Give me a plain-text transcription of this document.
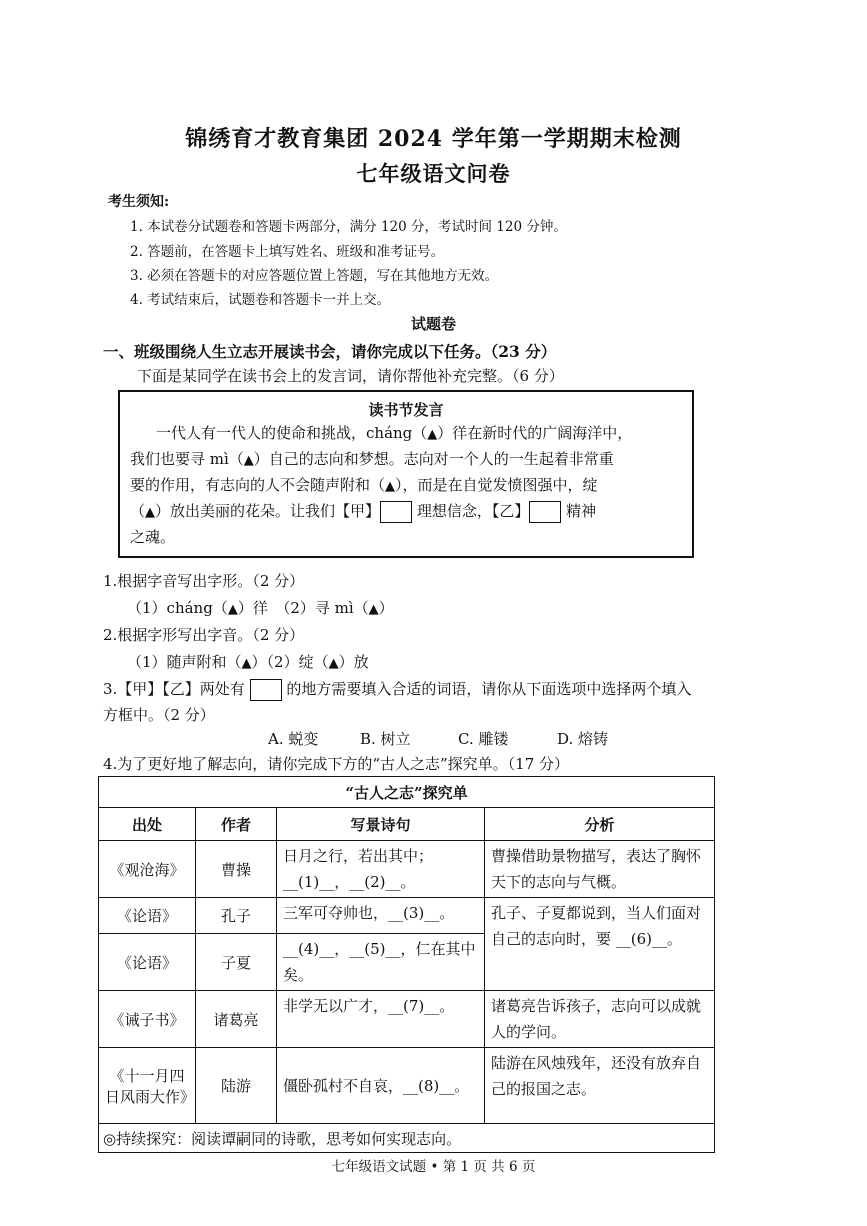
锦绣育才教育集团 2024 学年第一学期期末检测
七年级语文问卷
考生须知:
1. 本试卷分试题卷和答题卡两部分，满分 120 分，考试时间 120 分钟。
2. 答题前，在答题卡上填写姓名、班级和准考证号。
3. 必须在答题卡的对应答题位置上答题，写在其他地方无效。
4. 考试结束后，试题卷和答题卡一并上交。
试题卷
一、班级围绕人生立志开展读书会，请你完成以下任务。（23 分）
下面是某同学在读书会上的发言词，请你帮他补充完整。（6 分）
读书节发言
一代人有一代人的使命和挑战，cháng（▲）徉在新时代的广阔海洋中，
我们也要寻 mì（▲）自己的志向和梦想。志向对一个人的一生起着非常重
要的作用，有志向的人不会随声附和（▲），而是在自觉发愤图强中，绽
（▲）放出美丽的花朵。让我们【甲】 理想信念，【乙】 精神
之魂。
1.根据字音写出字形。（2 分）
（1）cháng（▲）徉　（2）寻 mì（▲）
2.根据字形写出字音。（2 分）
（1）随声附和（▲）（2）绽（▲）放
3.【甲】【乙】两处有	的地方需要填入合适的词语，请你从下面选项中选择两个填入
方框中。（2 分）
A. 蜕变	B. 树立	C. 雕镂	D. 熔铸
4.为了更好地了解志向，请你完成下方的“古人之志”探究单。（17 分）
“古人之志”探究单			
出处	作者	写景诗句	分析
《观沧海》	曹操	日月之行，若出其中；
__(1)__，__(2)__。	曹操借助景物描写，表达了胸怀天下的志向与气概。
《论语》	孔子	三军可夺帅也，__(3)__。	孔子、子夏都说到，当人们面对自己的志向时，要 __(6)__。
《论语》	子夏	__(4)__，__(5)__，仁在其中矣。	
《诫子书》	诸葛亮	非学无以广才，__(7)__。	诸葛亮告诉孩子，志向可以成就人的学问。
《十一月四日风雨大作》	陆游	僵卧孤村不自哀，__(8)__。	陆游在风烛残年，还没有放弃自己的报国之志。
◎持续探究：阅读谭嗣同的诗歌，思考如何实现志向。			
七年级语文试题 • 第 1 页 共 6 页
